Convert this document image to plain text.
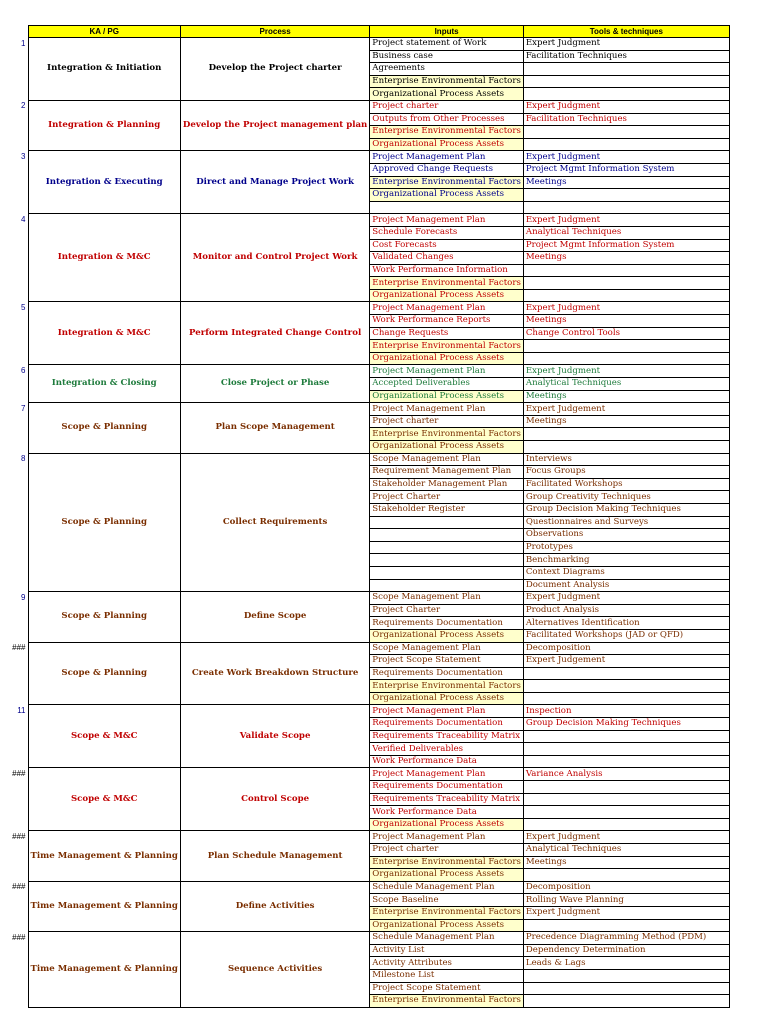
	KA / PG	Process	Inputs	Tools & techniques
1	Integration & Initiation	Develop the Project charter	Project statement of Work	Expert Judgment
			Business case	Facilitation Techniques
			Agreements	
			Enterprise Environmental Factors	
			Organizational Process Assets	
2	Integration & Planning	Develop the Project management plan	Project charter	Expert Judgment
			Outputs from Other Processes	Facilitation Techniques
			Enterprise Environmental Factors	
			Organizational Process Assets	
3	Integration & Executing	Direct and Manage Project Work	Project Management Plan	Expert Judgment
			Approved Change Requests	Project Mgmt Information System
			Enterprise Environmental Factors	Meetings
			Organizational Process Assets	

4	Integration & M&C	Monitor and Control Project Work	Project Management Plan	Expert Judgment
			Schedule Forecasts	Analytical Techniques
			Cost Forecasts	Project Mgmt Information System
			Validated Changes	Meetings
			Work Performance Information	
			Enterprise Environmental Factors	
			Organizational Process Assets	
5	Integration & M&C	Perform Integrated Change Control	Project Management Plan	Expert Judgment
			Work Performance Reports	Meetings
			Change Requests	Change Control Tools
			Enterprise Environmental Factors	
			Organizational Process Assets	
6	Integration & Closing	Close Project or Phase	Project Management Plan	Expert Judgment
			Accepted Deliverables	Analytical Techniques
			Organizational Process Assets	Meetings
7	Scope & Planning	Plan Scope Management	Project Management Plan	Expert Judgement
			Project charter	Meetings
			Enterprise Environmental Factors	
			Organizational Process Assets	
8	Scope & Planning	Collect Requirements	Scope Management Plan	Interviews
			Requirement Management Plan	Focus Groups
			Stakeholder Management Plan	Facilitated Workshops
			Project Charter	Group Creativity Techniques
			Stakeholder Register	Group Decision Making Techniques
				Questionnaires and Surveys
				Observations
				Prototypes
				Benchmarking
				Context Diagrams
				Document Analysis
9	Scope & Planning	Define Scope	Scope Management Plan	Expert Judgment
			Project Charter	Product Analysis
			Requirements Documentation	Alternatives Identification
			Organizational Process Assets	Facilitated Workshops (JAD or QFD)
###	Scope & Planning	Create Work Breakdown Structure	Scope Management Plan	Decomposition
			Project Scope Statement	Expert Judgement
			Requirements Documentation	
			Enterprise Environmental Factors	
			Organizational Process Assets	
11	Scope & M&C	Validate Scope	Project Management Plan	Inspection
			Requirements Documentation	Group Decision Making Techniques
			Requirements Traceability Matrix	
			Verified Deliverables	
			Work Performance Data	
###	Scope & M&C	Control Scope	Project Management Plan	Variance Analysis
			Requirements Documentation	
			Requirements Traceability Matrix	
			Work Performance Data	
			Organizational Process Assets	
###	Time Management & Planning	Plan Schedule Management	Project Management Plan	Expert Judgment
			Project charter	Analytical Techniques
			Enterprise Environmental Factors	Meetings
			Organizational Process Assets	
###	Time Management & Planning	Define Activities	Schedule Management Plan	Decomposition
			Scope Baseline	Rolling Wave Planning
			Enterprise Environmental Factors	Expert Judgment
			Organizational Process Assets	
###	Time Management & Planning	Sequence Activities	Schedule Management Plan	Precedence Diagramming Method (PDM)
			Activity List	Dependency Determination
			Activity Attributes	Leads & Lags
			Milestone List	
			Project Scope Statement	
			Enterprise Environmental Factors	
